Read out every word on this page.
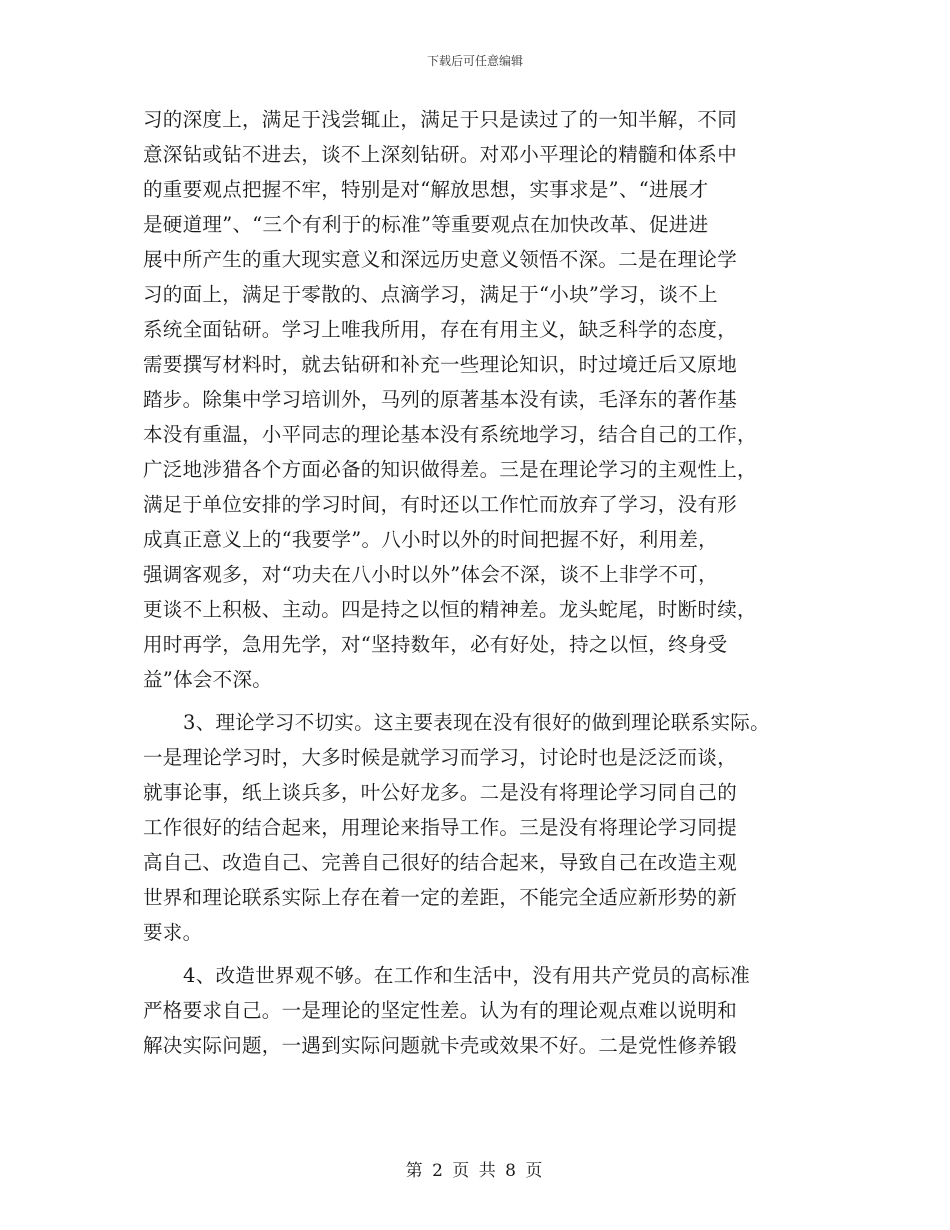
下载后可任意编辑
习的深度上，满足于浅尝辄止，满足于只是读过了的一知半解，不同
意深钻或钻不进去，谈不上深刻钻研。对邓小平理论的精髓和体系中
的重要观点把握不牢，特别是对“解放思想，实事求是”、“进展才
是硬道理”、“三个有利于的标准”等重要观点在加快改革、促进进
展中所产生的重大现实意义和深远历史意义领悟不深。二是在理论学
习的面上，满足于零散的、点滴学习，满足于“小块”学习，谈不上
系统全面钻研。学习上唯我所用，存在有用主义，缺乏科学的态度，
需要撰写材料时，就去钻研和补充一些理论知识，时过境迁后又原地
踏步。除集中学习培训外，马列的原著基本没有读，毛泽东的著作基
本没有重温，小平同志的理论基本没有系统地学习，结合自己的工作，
广泛地涉猎各个方面必备的知识做得差。三是在理论学习的主观性上，
满足于单位安排的学习时间，有时还以工作忙而放弃了学习，没有形
成真正意义上的“我要学”。八小时以外的时间把握不好，利用差，
强调客观多，对“功夫在八小时以外”体会不深，谈不上非学不可，
更谈不上积极、主动。四是持之以恒的精神差。龙头蛇尾，时断时续，
用时再学，急用先学，对“坚持数年，必有好处，持之以恒，终身受
益”体会不深。
3、理论学习不切实。这主要表现在没有很好的做到理论联系实际。
一是理论学习时，大多时候是就学习而学习，讨论时也是泛泛而谈，
就事论事，纸上谈兵多，叶公好龙多。二是没有将理论学习同自己的
工作很好的结合起来，用理论来指导工作。三是没有将理论学习同提
高自己、改造自己、完善自己很好的结合起来，导致自己在改造主观
世界和理论联系实际上存在着一定的差距，不能完全适应新形势的新
要求。
4、改造世界观不够。在工作和生活中，没有用共产党员的高标准
严格要求自己。一是理论的坚定性差。认为有的理论观点难以说明和
解决实际问题，一遇到实际问题就卡壳或效果不好。二是党性修养锻
第 2 页 共 8 页
